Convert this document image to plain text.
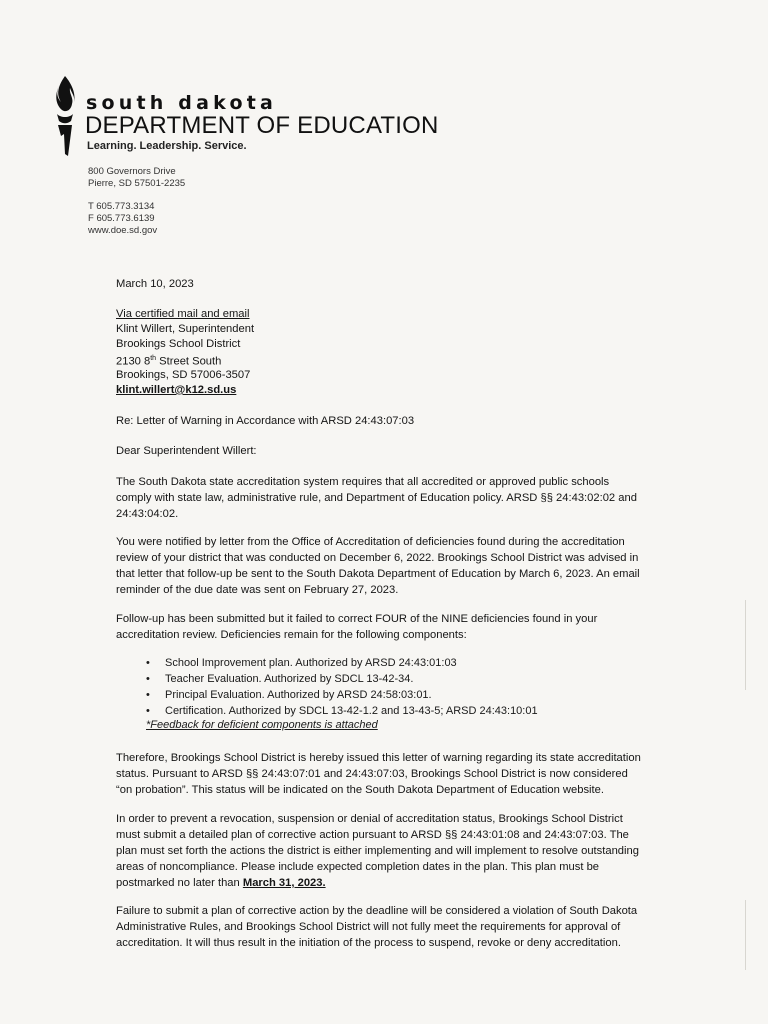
south dakota
DEPARTMENT OF EDUCATION
Learning. Leadership. Service.
800 Governors Drive
Pierre, SD 57501-2235
T 605.773.3134
F 605.773.6139
www.doe.sd.gov
March 10, 2023
Via certified mail and email
Klint Willert, Superintendent
Brookings School District
2130 8th Street South
Brookings, SD 57006-3507
klint.willert@k12.sd.us
Re: Letter of Warning in Accordance with ARSD 24:43:07:03
Dear Superintendent Willert:
The South Dakota state accreditation system requires that all accredited or approved public schools comply with state law, administrative rule, and Department of Education policy. ARSD §§ 24:43:02:02 and 24:43:04:02.
You were notified by letter from the Office of Accreditation of deficiencies found during the accreditation review of your district that was conducted on December 6, 2022. Brookings School District was advised in that letter that follow-up be sent to the South Dakota Department of Education by March 6, 2023. An email reminder of the due date was sent on February 27, 2023.
Follow-up has been submitted but it failed to correct FOUR of the NINE deficiencies found in your accreditation review. Deficiencies remain for the following components:
•	School Improvement plan. Authorized by ARSD 24:43:01:03
•	Teacher Evaluation. Authorized by SDCL 13-42-34.
•	Principal Evaluation. Authorized by ARSD 24:58:03:01.
•	Certification. Authorized by SDCL 13-42-1.2 and 13-43-5; ARSD 24:43:10:01
*Feedback for deficient components is attached
Therefore, Brookings School District is hereby issued this letter of warning regarding its state accreditation status. Pursuant to ARSD §§ 24:43:07:01 and 24:43:07:03, Brookings School District is now considered “on probation”. This status will be indicated on the South Dakota Department of Education website.
In order to prevent a revocation, suspension or denial of accreditation status, Brookings School District must submit a detailed plan of corrective action pursuant to ARSD §§ 24:43:01:08 and 24:43:07:03. The plan must set forth the actions the district is either implementing and will implement to resolve outstanding areas of noncompliance. Please include expected completion dates in the plan. This plan must be postmarked no later than March 31, 2023.
Failure to submit a plan of corrective action by the deadline will be considered a violation of South Dakota Administrative Rules, and Brookings School District will not fully meet the requirements for approval of accreditation. It will thus result in the initiation of the process to suspend, revoke or deny accreditation.
